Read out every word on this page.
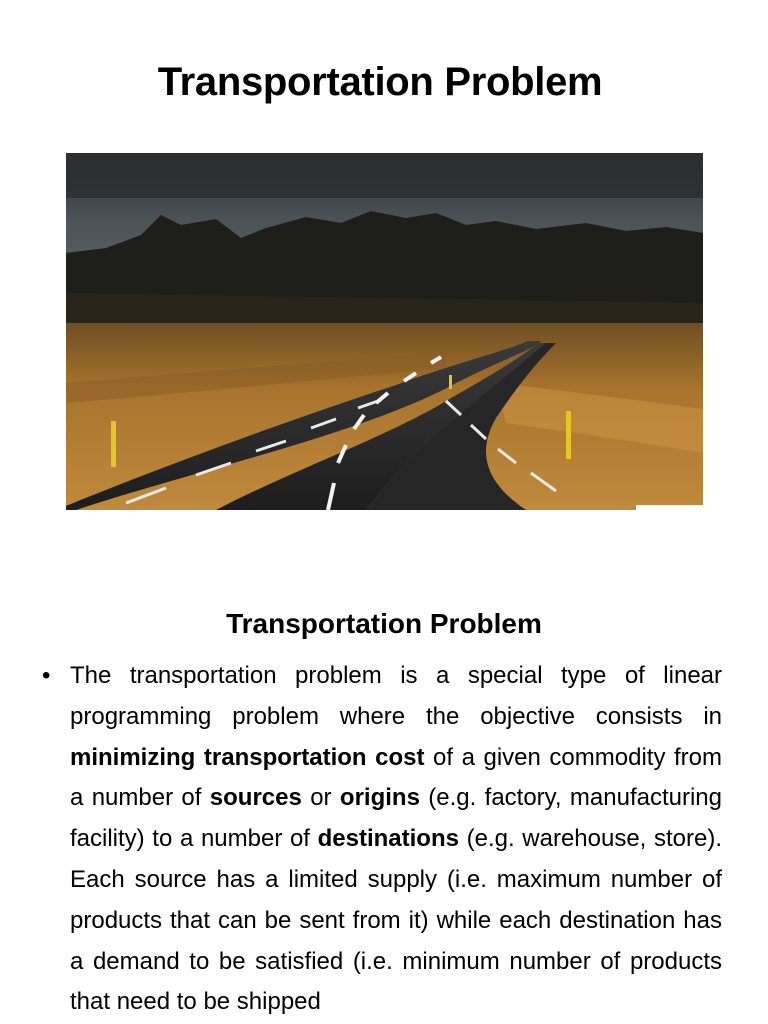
Transportation Problem
Transportation Problem
• The transportation problem is a special type of linear programming problem where the objective consists in minimizing transportation cost of a given commodity from a number of sources or origins (e.g. factory, manufacturing facility) to a number of destinations (e.g. warehouse, store). Each source has a limited supply (i.e. maximum number of products that can be sent from it) while each destination has a demand to be satisfied (i.e. minimum number of products that need to be shipped
